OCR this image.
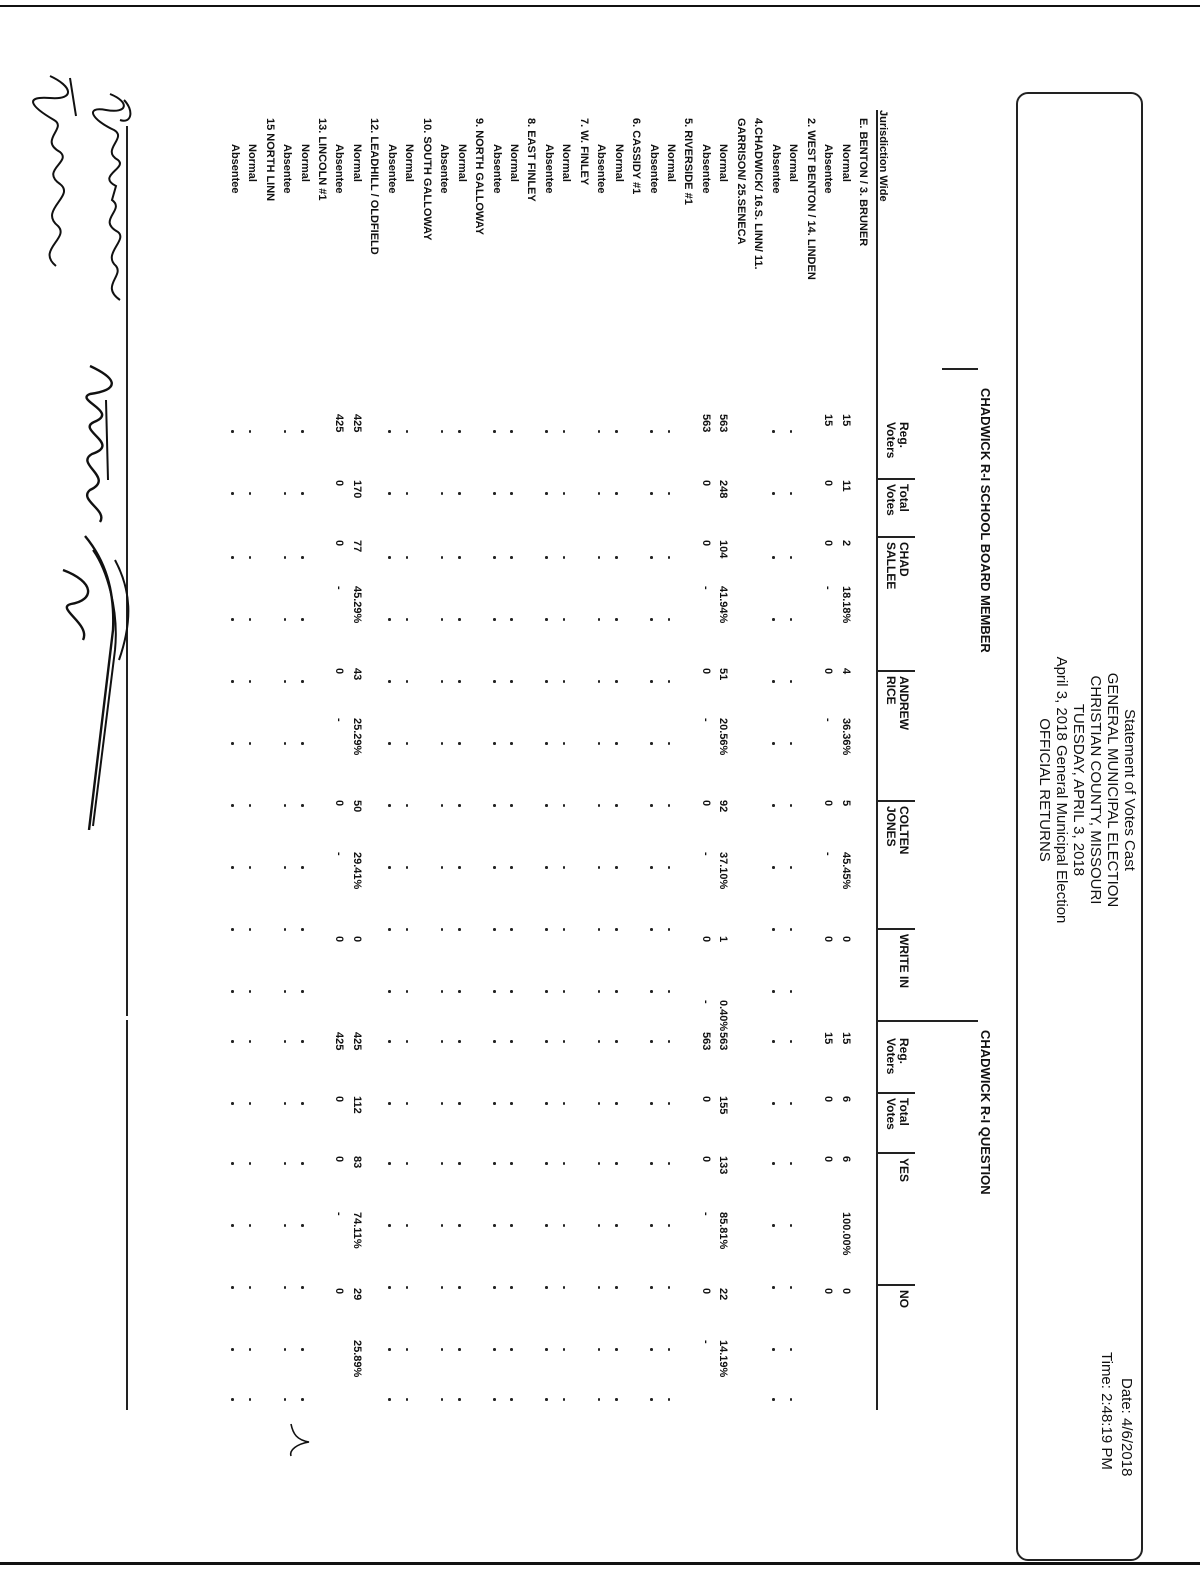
Statement of Votes Cast
GENERAL MUNICIPAL ELECTION
CHRISTIAN COUNTY, MISSOURI
TUESDAY, APRIL 3, 2018
April 3, 2018 General Municipal Election
OFFICIAL RETURNS
Date: 4/6/2018
Time: 2:48:19 PM
CHADWICK R-I SCHOOL BOARD MEMBER
CHADWICK R-I QUESTION
Reg.
Voters
Total
Votes
CHAD
SALLEE
ANDREW
RICE
COLTEN
JONES
WRITE IN
Reg.
Voters
Total
Votes
YES
NO
Jurisdiction Wide
E. BENTON / 3. BRUNER
Normal
15
11
2
18.18%
4
36.36%
5
45.45%
0
15
6
6
100.00%
0
Absentee
15
0
0
-
0
-
0
-
0
15
0
0
0
2. WEST BENTON / 14. LINDEN
Normal
Absentee
4.CHADWICK/ 16.S. LINN/ 11.
GARRISON/ 25.SENECA
Normal
563
248
104
41.94%
51
20.56%
92
37.10%
1
0.40%
563
155
133
85.81%
22
14.19%
Absentee
563
0
0
-
0
-
0
-
0
-
563
0
0
-
0
-
5. RIVERSIDE #1
Normal
Absentee
6. CASSIDY #1
Normal
Absentee
7. W. FINLEY
Normal
Absentee
8. EAST FINLEY
Normal
Absentee
9. NORTH GALLOWAY
Normal
Absentee
10. SOUTH GALLOWAY
Normal
Absentee
12. LEADHILL / OLDFIELD
Normal
425
170
77
45.29%
43
25.29%
50
29.41%
0
425
112
83
74.11%
29
25.89%
Absentee
425
0
0
-
0
-
0
-
0
425
0
0
-
0
13. LINCOLN #1
Normal
Absentee
15 NORTH LINN
Normal
Absentee
